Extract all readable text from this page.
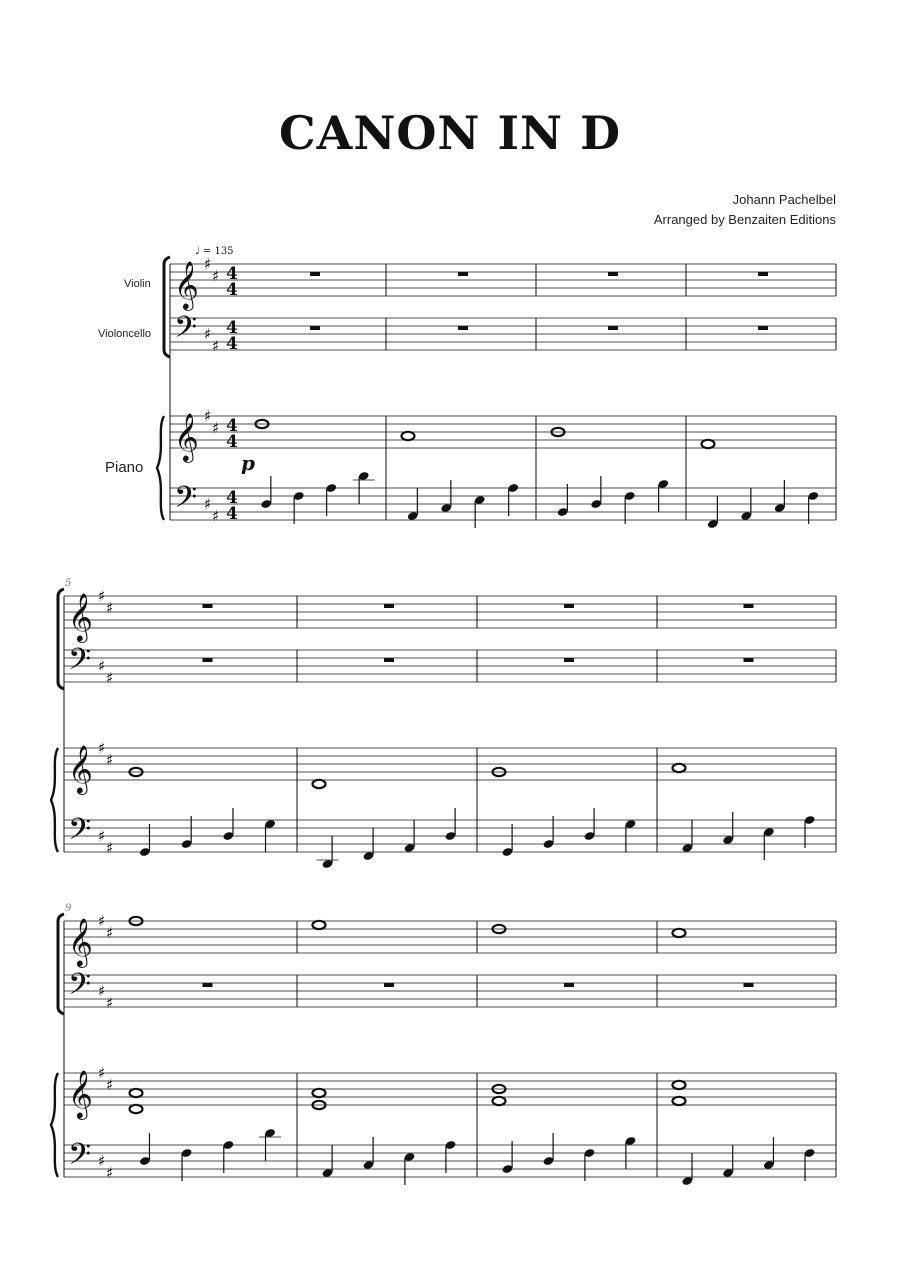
CANON IN D
Johann Pachelbel
Arranged by Benzaiten Editions
Violin
Violoncello
Piano
𝄞 ♯
♯ 4
4
𝄢 ♯
♯
4
4
𝄞 ♯
♯ 4
4
𝄢 ♯
♯
4
4
𝄞 ♯
♯
𝄢 ♯
♯
𝄞 ♯
♯
𝄢 ♯
♯
5
𝄞 ♯
♯
𝄢 ♯
♯
𝄞 ♯
♯
𝄢 ♯
♯
9
♩ = 135
p
